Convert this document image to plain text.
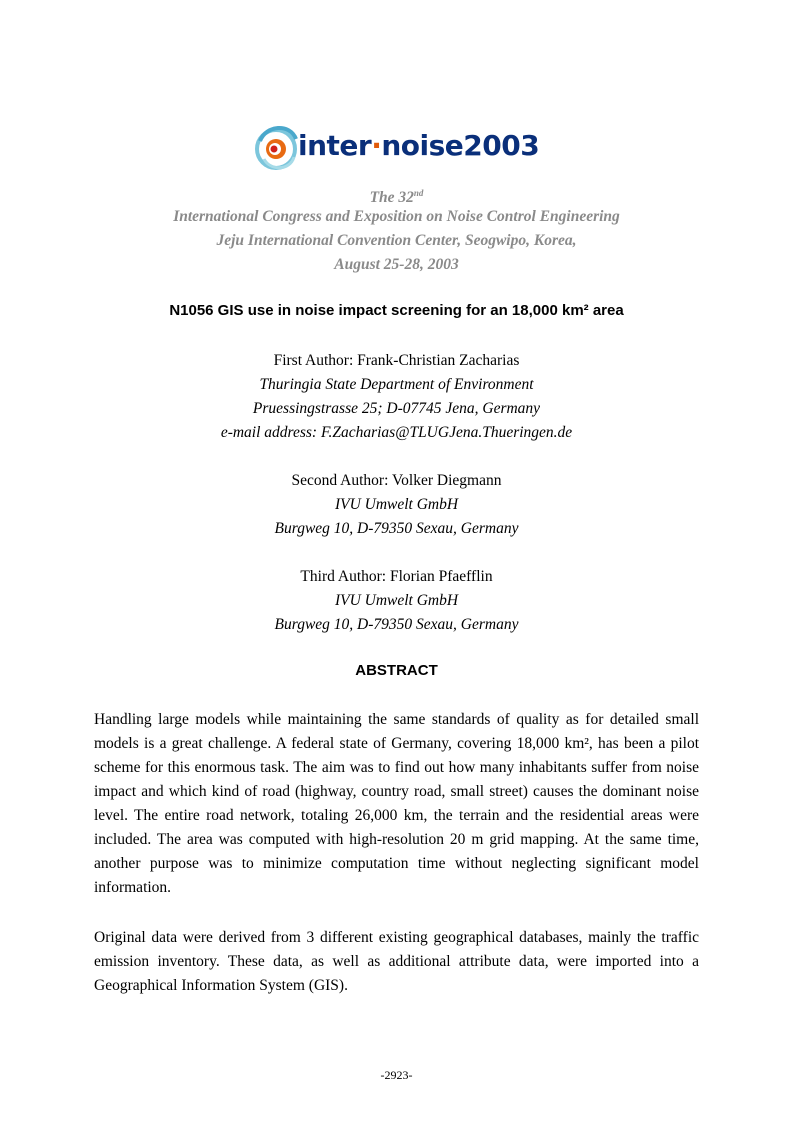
inter·noise2003
The 32nd
International Congress and Exposition on Noise Control Engineering
Jeju International Convention Center, Seogwipo, Korea,
August 25-28, 2003
N1056 GIS use in noise impact screening for an 18,000 km² area
First Author: Frank-Christian Zacharias
Thuringia State Department of Environment
Pruessingstrasse 25; D-07745 Jena, Germany
e-mail address: F.Zacharias@TLUGJena.Thueringen.de
Second Author: Volker Diegmann
IVU Umwelt GmbH
Burgweg 10, D-79350 Sexau, Germany
Third Author: Florian Pfaefflin
IVU Umwelt GmbH
Burgweg 10, D-79350 Sexau, Germany
ABSTRACT
Handling large models while maintaining the same standards of quality as for detailed small models is a great challenge. A federal state of Germany, covering 18,000 km², has been a pilot scheme for this enormous task. The aim was to find out how many inhabitants suffer from noise impact and which kind of road (highway, country road, small street) causes the dominant noise level. The entire road network, totaling 26,000 km, the terrain and the residential areas were included. The area was computed with high-resolution 20 m grid mapping. At the same time, another purpose was to minimize computation time without neglecting significant model information.
Original data were derived from 3 different existing geographical databases, mainly the traffic emission inventory. These data, as well as additional attribute data, were imported into a Geographical Information System (GIS).
-2923-
